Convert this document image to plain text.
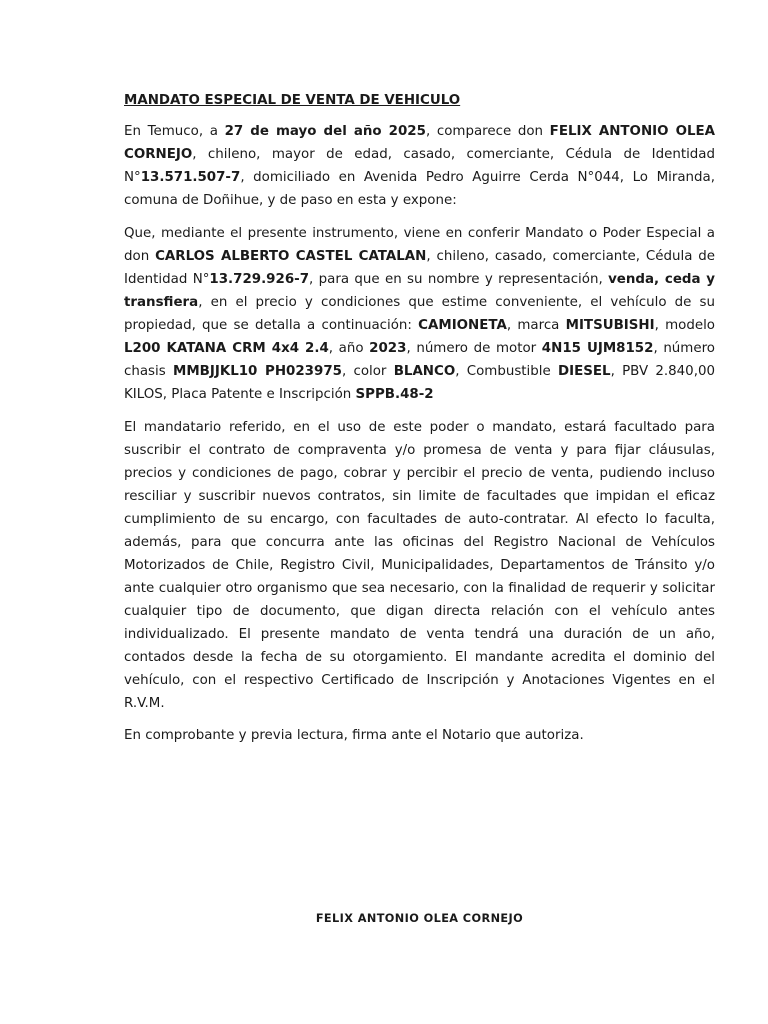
MANDATO ESPECIAL DE VENTA DE VEHICULO

En Temuco, a 27 de mayo del año 2025, comparece don FELIX ANTONIO OLEA CORNEJO, chileno, mayor de edad, casado, comerciante, Cédula de Identidad N°13.571.507-7, domiciliado en Avenida Pedro Aguirre Cerda N°044, Lo Miranda, comuna de Doñihue, y de paso en esta y expone:

Que, mediante el presente instrumento, viene en conferir Mandato o Poder Especial a don CARLOS ALBERTO CASTEL CATALAN, chileno, casado, comerciante, Cédula de Identidad N°13.729.926-7, para que en su nombre y representación, venda, ceda y transfiera, en el precio y condiciones que estime conveniente, el vehículo de su propiedad, que se detalla a continuación: CAMIONETA, marca MITSUBISHI, modelo L200 KATANA CRM 4x4 2.4, año 2023, número de motor 4N15 UJM8152, número chasis MMBJJKL10 PH023975, color BLANCO, Combustible DIESEL, PBV 2.840,00 KILOS, Placa Patente e Inscripción SPPB.48-2

El mandatario referido, en el uso de este poder o mandato, estará facultado para suscribir el contrato de compraventa y/o promesa de venta y para fijar cláusulas, precios y condiciones de pago, cobrar y percibir el precio de venta, pudiendo incluso resciliar y suscribir nuevos contratos, sin limite de facultades que impidan el eficaz cumplimiento de su encargo, con facultades de auto-contratar. Al efecto lo faculta, además, para que concurra ante las oficinas del Registro Nacional de Vehículos Motorizados de Chile, Registro Civil, Municipalidades, Departamentos de Tránsito y/o ante cualquier otro organismo que sea necesario, con la finalidad de requerir y solicitar cualquier tipo de documento, que digan directa relación con el vehículo antes individualizado. El presente mandato de venta tendrá una duración de un año, contados desde la fecha de su otorgamiento. El mandante acredita el dominio del vehículo, con el respectivo Certificado de Inscripción y Anotaciones Vigentes en el R.V.M.

En comprobante y previa lectura, firma ante el Notario que autoriza.

FELIX ANTONIO OLEA CORNEJO
